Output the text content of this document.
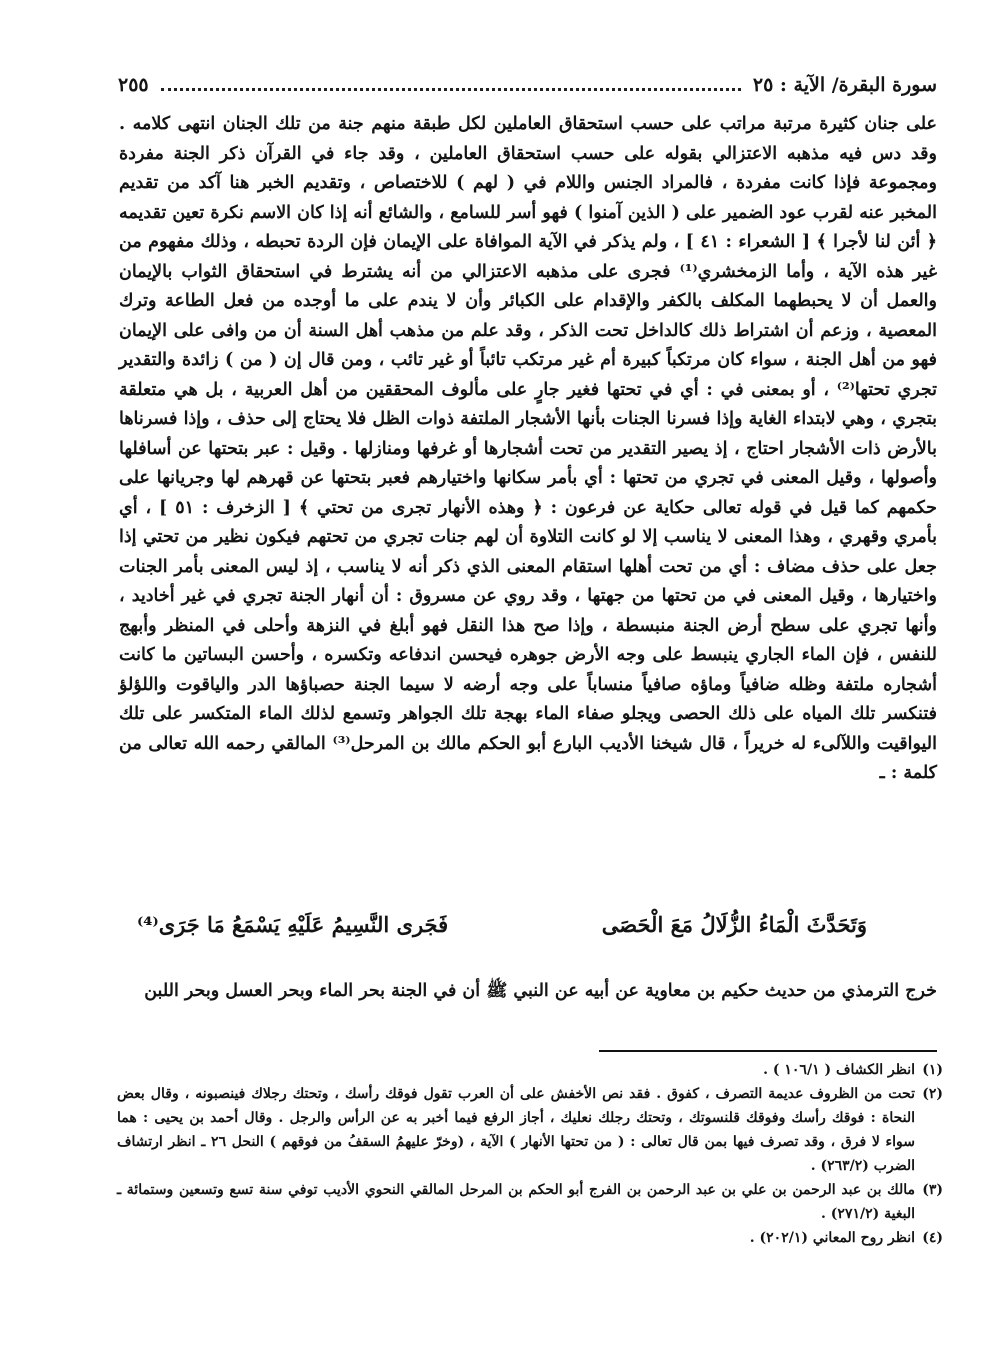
سورة البقرة/ الآية : ٢٥
٢٥٥

على جنان كثيرة مرتبة مراتب على حسب استحقاق العاملين لكل طبقة منهم جنة من تلك الجنان انتهى كلامه . وقد دس فيه مذهبه الاعتزالي بقوله على حسب استحقاق العاملين ، وقد جاء في القرآن ذكر الجنة مفردة ومجموعة فإذا كانت مفردة ، فالمراد الجنس واللام في ( لهم ) للاختصاص ، وتقديم الخبر هنا آكد من تقديم المخبر عنه لقرب عود الضمير على ( الذين آمنوا ) فهو أسر للسامع ، والشائع أنه إذا كان الاسم نكرة تعين تقديمه ﴿ أئن لنا لأجرا ﴾ [ الشعراء : ٤١ ] ، ولم يذكر في الآية الموافاة على الإيمان فإن الردة تحبطه ، وذلك مفهوم من غير هذه الآية ، وأما الزمخشري⁽¹⁾ فجرى على مذهبه الاعتزالي من أنه يشترط في استحقاق الثواب بالإيمان والعمل أن لا يحبطهما المكلف بالكفر والإقدام على الكبائر وأن لا يندم على ما أوجده من فعل الطاعة وترك المعصية ، وزعم أن اشتراط ذلك كالداخل تحت الذكر ، وقد علم من مذهب أهل السنة أن من وافى على الإيمان فهو من أهل الجنة ، سواء كان مرتكباً كبيرة أم غير مرتكب تائباً أو غير تائب ، ومن قال إن ( من ) زائدة والتقدير تجري تحتها⁽²⁾ ، أو بمعنى في : أي في تحتها فغير جارٍ على مألوف المحققين من أهل العربية ، بل هي متعلقة بتجري ، وهي لابتداء الغاية وإذا فسرنا الجنات بأنها الأشجار الملتفة ذوات الظل فلا يحتاج إلى حذف ، وإذا فسرناها بالأرض ذات الأشجار احتاج ، إذ يصير التقدير من تحت أشجارها أو غرفها ومنازلها . وقيل : عبر بتحتها عن أسافلها وأصولها ، وقيل المعنى في تجري من تحتها : أي بأمر سكانها واختيارهم فعبر بتحتها عن قهرهم لها وجريانها على حكمهم كما قيل في قوله تعالى حكاية عن فرعون : ﴿ وهذه الأنهار تجرى من تحتي ﴾ [ الزخرف : ٥١ ] ، أي بأمري وقهري ، وهذا المعنى لا يناسب إلا لو كانت التلاوة أن لهم جنات تجري من تحتهم فيكون نظير من تحتي إذا جعل على حذف مضاف : أي من تحت أهلها استقام المعنى الذي ذكر أنه لا يناسب ، إذ ليس المعنى بأمر الجنات واختيارها ، وقيل المعنى في من تحتها من جهتها ، وقد روي عن مسروق : أن أنهار الجنة تجري في غير أخاديد ، وأنها تجري على سطح أرض الجنة منبسطة ، وإذا صح هذا النقل فهو أبلغ في النزهة وأحلى في المنظر وأبهج للنفس ، فإن الماء الجاري ينبسط على وجه الأرض جوهره فيحسن اندفاعه وتكسره ، وأحسن البساتين ما كانت أشجاره ملتفة وظله ضافياً وماؤه صافياً منساباً على وجه أرضه لا سيما الجنة حصباؤها الدر والياقوت واللؤلؤ فتنكسر تلك المياه على ذلك الحصى ويجلو صفاء الماء بهجة تلك الجواهر وتسمع لذلك الماء المتكسر على تلك اليواقيت واللآلىء له خريراً ، قال شيخنا الأديب البارع أبو الحكم مالك بن المرحل⁽³⁾ المالقي رحمه الله تعالى من كلمة : ـ

وَتَحَدَّثَ الْمَاءُ الزُّلَالُ مَعَ الْحَصَى
فَجَرى النَّسِيمُ عَلَيْهِ يَسْمَعُ مَا جَرَى⁽⁴⁾
خرج الترمذي من حديث حكيم بن معاوية عن أبيه عن النبي ﷺ أن في الجنة بحر الماء وبحر العسل وبحر اللبن
(١)
انظر الكشاف ( ١٠٦/١ ) .
(٢)
تحت من الظروف عديمة التصرف ، كفوق . فقد نص الأخفش على أن العرب تقول فوقك رأسك ، وتحتك رجلاك فينصبونه ، وقال بعض النحاة : فوقك رأسك وفوقك قلنسوتك ، وتحتك رجلك نعليك ، أجاز الرفع فيما أخبر به عن الرأس والرجل . وقال أحمد بن يحيى : هما سواء لا فرق ، وقد تصرف فيها بمن قال تعالى : ( من تحتها الأنهار ) الآية ، (وخرّ عليهمُ السقفُ من فوقهم ) النحل ٢٦ ـ انظر ارتشاف الضرب (٢٦٣/٢) .
(٣)
مالك بن عبد الرحمن بن علي بن عبد الرحمن بن الفرج أبو الحكم بن المرحل المالقي النحوي الأديب توفي سنة تسع وتسعين وستمائة ـ البغية (٢٧١/٢) .
(٤)
انظر روح المعاني (٢٠٢/١) .
